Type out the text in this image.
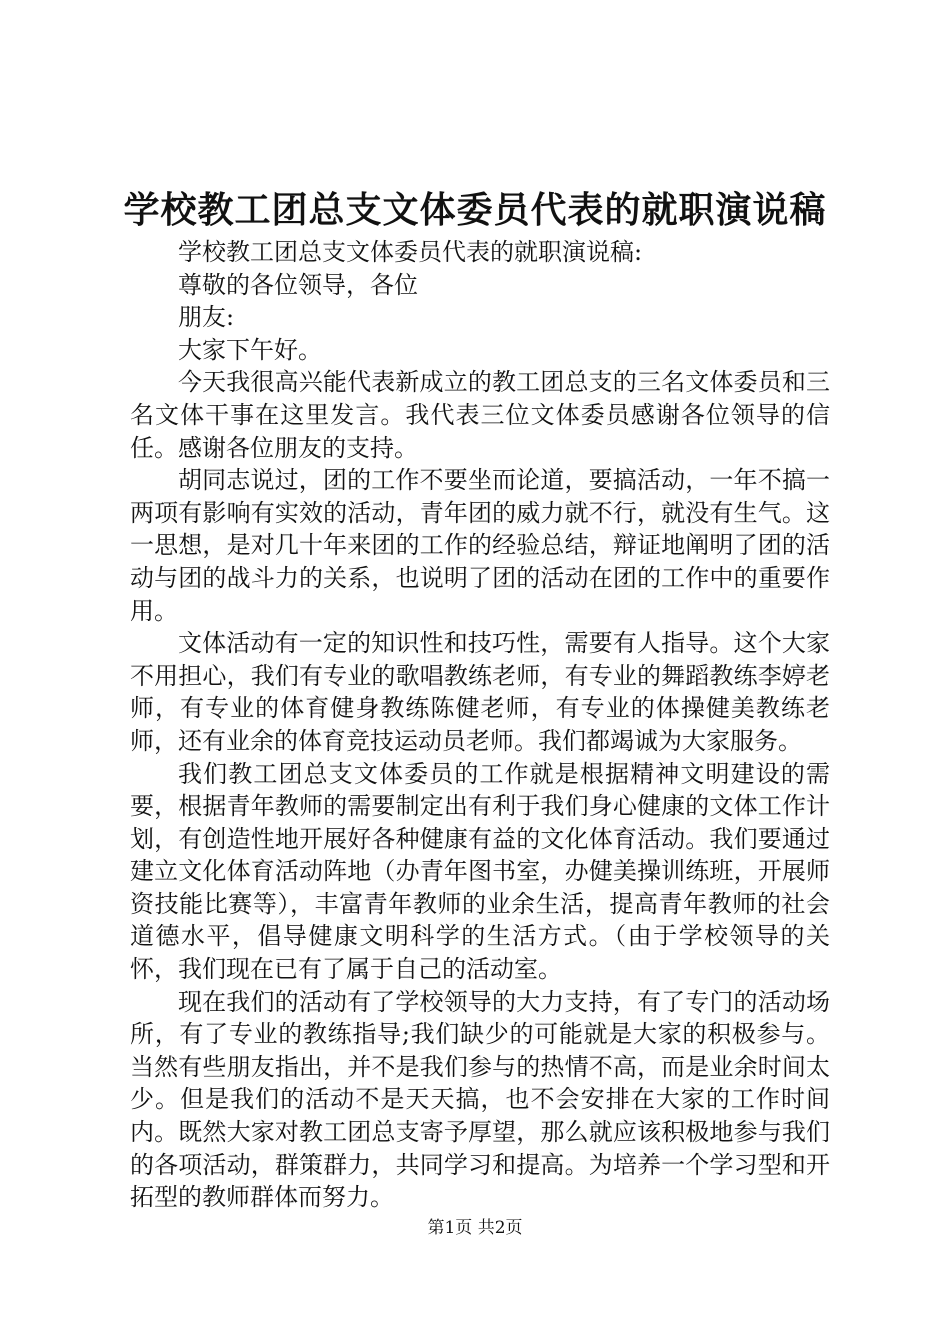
学校教工团总支文体委员代表的就职演说稿

学校教工团总支文体委员代表的就职演说稿:

尊敬的各位领导，各位

朋友:

大家下午好。

今天我很高兴能代表新成立的教工团总支的三名文体委员和三名文体干事在这里发言。我代表三位文体委员感谢各位领导的信任。感谢各位朋友的支持。

胡同志说过，团的工作不要坐而论道，要搞活动，一年不搞一两项有影响有实效的活动，青年团的威力就不行，就没有生气。这一思想，是对几十年来团的工作的经验总结，辩证地阐明了团的活动与团的战斗力的关系，也说明了团的活动在团的工作中的重要作用。

文体活动有一定的知识性和技巧性，需要有人指导。这个大家不用担心，我们有专业的歌唱教练老师，有专业的舞蹈教练李婷老师，有专业的体育健身教练陈健老师，有专业的体操健美教练老师，还有业余的体育竞技运动员老师。我们都竭诚为大家服务。

我们教工团总支文体委员的工作就是根据精神文明建设的需要，根据青年教师的需要制定出有利于我们身心健康的文体工作计划，有创造性地开展好各种健康有益的文化体育活动。我们要通过建立文化体育活动阵地（办青年图书室，办健美操训练班，开展师资技能比赛等），丰富青年教师的业余生活，提高青年教师的社会道德水平，倡导健康文明科学的生活方式。（由于学校领导的关怀，我们现在已有了属于自己的活动室。

现在我们的活动有了学校领导的大力支持，有了专门的活动场所，有了专业的教练指导;我们缺少的可能就是大家的积极参与。当然有些朋友指出，并不是我们参与的热情不高，而是业余时间太少。但是我们的活动不是天天搞，也不会安排在大家的工作时间内。既然大家对教工团总支寄予厚望，那么就应该积极地参与我们的各项活动，群策群力，共同学习和提高。为培养一个学习型和开拓型的教师群体而努力。

第1页 共2页
